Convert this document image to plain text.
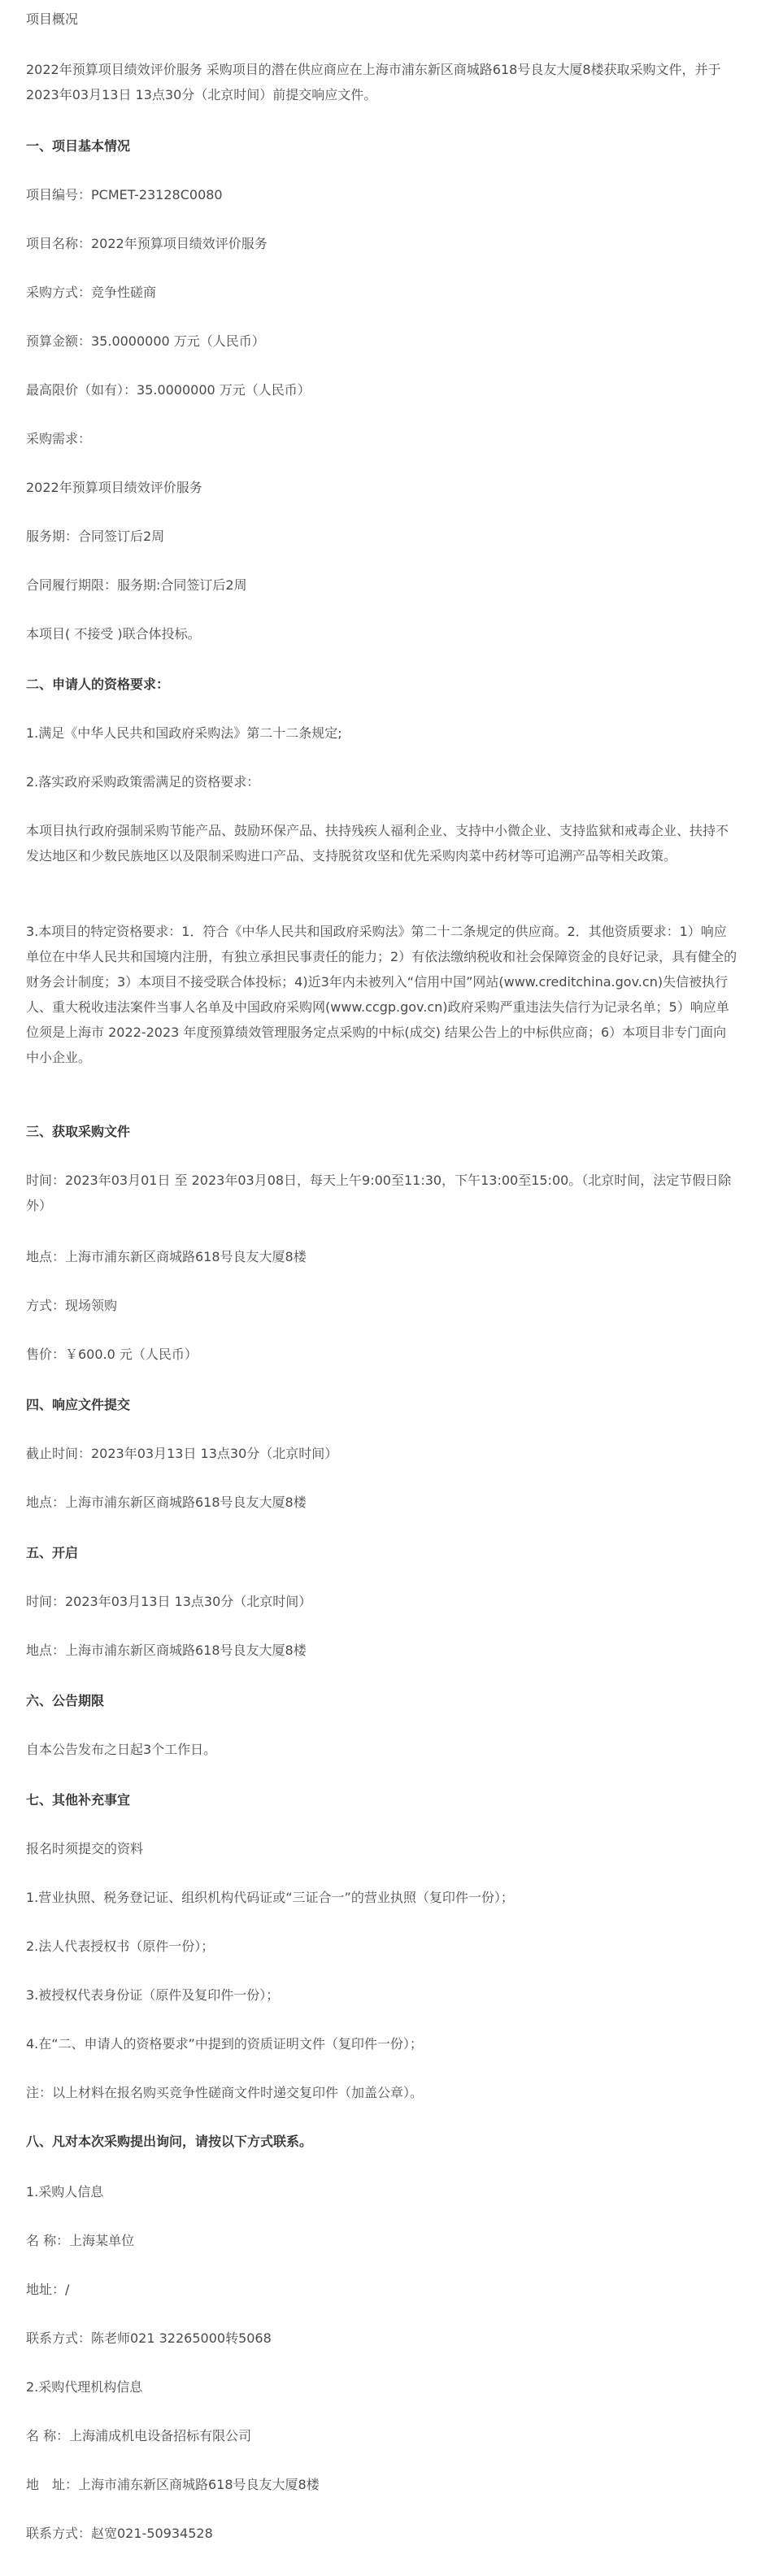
项目概况
2022年预算项目绩效评价服务 采购项目的潜在供应商应在上海市浦东新区商城路618号良友大厦8楼获取采购文件，并于2023年03月13日 13点30分（北京时间）前提交响应文件。
一、项目基本情况
项目编号：PCMET-23128C0080
项目名称：2022年预算项目绩效评价服务
采购方式：竞争性磋商
预算金额：35.0000000 万元（人民币）
最高限价（如有）：35.0000000 万元（人民币）
采购需求：
2022年预算项目绩效评价服务
服务期：合同签订后2周
合同履行期限：服务期:合同签订后2周
本项目( 不接受 )联合体投标。
二、申请人的资格要求：
1.满足《中华人民共和国政府采购法》第二十二条规定;
2.落实政府采购政策需满足的资格要求：
本项目执行政府强制采购节能产品、鼓励环保产品、扶持残疾人福利企业、支持中小微企业、支持监狱和戒毒企业、扶持不发达地区和少数民族地区以及限制采购进口产品、支持脱贫攻坚和优先采购肉菜中药材等可追溯产品等相关政策。
3.本项目的特定资格要求：1．符合《中华人民共和国政府采购法》第二十二条规定的供应商。2．其他资质要求：1）响应单位在中华人民共和国境内注册，有独立承担民事责任的能力；2）有依法缴纳税收和社会保障资金的良好记录，具有健全的财务会计制度；3）本项目不接受联合体投标；4)近3年内未被列入“信用中国”网站(www.creditchina.gov.cn)失信被执行人、重大税收违法案件当事人名单及中国政府采购网(www.ccgp.gov.cn)政府采购严重违法失信行为记录名单；5）响应单位须是上海市 2022-2023 年度预算绩效管理服务定点采购的中标(成交) 结果公告上的中标供应商；6）本项目非专门面向中小企业。
三、获取采购文件
时间：2023年03月01日 至 2023年03月08日，每天上午9:00至11:30，下午13:00至15:00。（北京时间，法定节假日除外）
地点：上海市浦东新区商城路618号良友大厦8楼
方式：现场领购
售价：￥600.0 元（人民币）
四、响应文件提交
截止时间：2023年03月13日 13点30分（北京时间）
地点：上海市浦东新区商城路618号良友大厦8楼
五、开启
时间：2023年03月13日 13点30分（北京时间）
地点：上海市浦东新区商城路618号良友大厦8楼
六、公告期限
自本公告发布之日起3个工作日。
七、其他补充事宜
报名时须提交的资料
1.营业执照、税务登记证、组织机构代码证或“三证合一”的营业执照（复印件一份）；
2.法人代表授权书（原件一份）；
3.被授权代表身份证（原件及复印件一份）；
4.在“二、申请人的资格要求”中提到的资质证明文件（复印件一份）；
注：以上材料在报名购买竞争性磋商文件时递交复印件（加盖公章）。
八、凡对本次采购提出询问，请按以下方式联系。
1.采购人信息
名 称：上海某单位
地址：/
联系方式：陈老师021 32265000转5068
2.采购代理机构信息
名 称：上海浦成机电设备招标有限公司
地　址：上海市浦东新区商城路618号良友大厦8楼
联系方式：赵宽021-50934528
